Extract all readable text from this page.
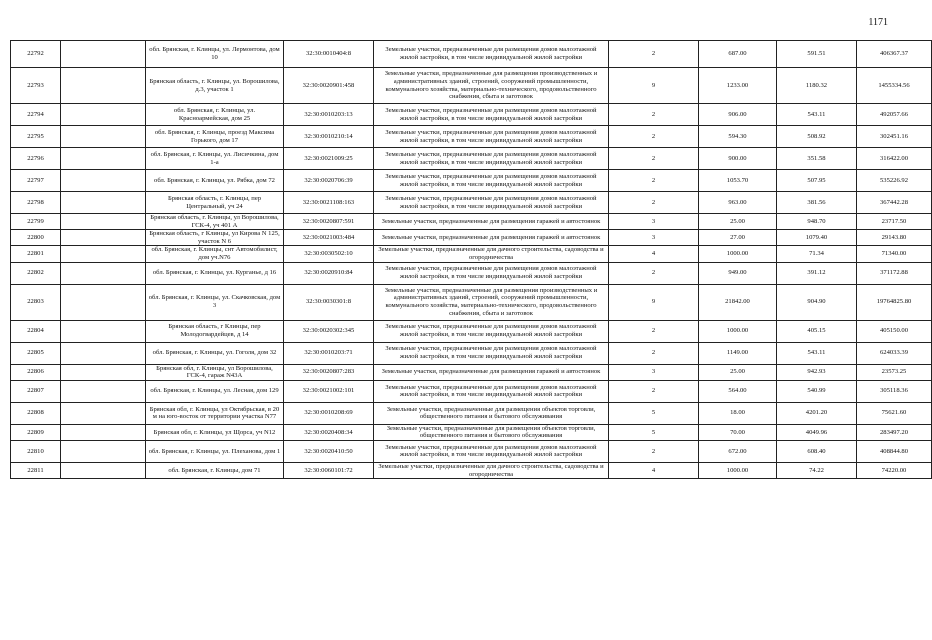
1171
22792		обл. Брянская, г. Клинцы, ул. Лермонтова, дом 10	32:30:0010404:8	Земельные участки, предназначенные для размещения домов малоэтажной жилой застройки, в том числе индивидуальной жилой застройки	2	687.00	591.51	406367.37
22793		Брянская область, г. Клинцы, ул. Ворошилова, д.3, участок 1	32:30:0020901:458	Земельные участки, предназначенные для размещения производственных и административных зданий, строений, сооружений промышленности, коммунального хозяйства, материально-технического, продовольственного снабжения, сбыта и заготовок	9	1233.00	1180.32	1455334.56
22794		обл. Брянская, г. Клинцы, ул. Красноармейская, дом 25	32:30:0010203:13	Земельные участки, предназначенные для размещения домов малоэтажной жилой застройки, в том числе индивидуальной жилой застройки	2	906.00	543.11	492057.66
22795		обл. Брянская, г. Клинцы, проезд Максима Горького, дом 17	32:30:0010210:14	Земельные участки, предназначенные для размещения домов малоэтажной жилой застройки, в том числе индивидуальной жилой застройки	2	594.30	508.92	302451.16
22796		обл. Брянская, г. Клинцы, ул. Лисичкина, дом 1-а	32:30:0021009:25	Земельные участки, предназначенные для размещения домов малоэтажной жилой застройки, в том числе индивидуальной жилой застройки	2	900.00	351.58	316422.00
22797		обл. Брянская, г. Клинцы, ул. Рябка, дом 72	32:30:0020706:39	Земельные участки, предназначенные для размещения домов малоэтажной жилой застройки, в том числе индивидуальной жилой застройки	2	1053.70	507.95	535226.92
22798		Брянская область, г. Клинцы, пер Центральный, уч 24	32:30:0021108:163	Земельные участки, предназначенные для размещения домов малоэтажной жилой застройки, в том числе индивидуальной жилой застройки	2	963.00	381.56	367442.28
22799		Брянская область, г. Клинцы, ул Ворошилова, ГСК-4, уч 401 А	32:30:0020807:591	Земельные участки, предназначенные для размещения гаражей и автостоянок	3	25.00	948.70	23717.50
22800		Брянская область, г Клинцы, ул Кирова N 125, участок N 6	32:30:0021003:484	Земельные участки, предназначенные для размещения гаражей и автостоянок	3	27.00	1079.40	29143.80
22801		обл. Брянская, г. Клинцы, снт Автомобилист, дом уч.N76	32:30:0030502:10	Земельные участки, предназначенные для дачного строительства, садоводства и огородничества	4	1000.00	71.34	71340.00
22802		обл. Брянская, г. Клинцы, ул. Курганье, д 16	32:30:0020910:84	Земельные участки, предназначенные для размещения домов малоэтажной жилой застройки, в том числе индивидуальной жилой застройки	2	949.00	391.12	371172.88
22803		обл. Брянская, г. Клинцы, ул. Скачковская, дом 3	32:30:0030301:8	Земельные участки, предназначенные для размещения производственных и административных зданий, строений, сооружений промышленности, коммунального хозяйства, материально-технического, продовольственного снабжения, сбыта и заготовок	9	21842.00	904.90	19764825.80
22804		Брянская область, г Клинцы, пер Молодогвардейцев, д 14	32:30:0020302:345	Земельные участки, предназначенные для размещения домов малоэтажной жилой застройки, в том числе индивидуальной жилой застройки	2	1000.00	405.15	405150.00
22805		обл. Брянская, г. Клинцы, ул. Гоголя, дом 32	32:30:0010203:71	Земельные участки, предназначенные для размещения домов малоэтажной жилой застройки, в том числе индивидуальной жилой застройки	2	1149.00	543.11	624033.39
22806		Брянская обл, г. Клинцы, ул Ворошилова, ГСК-4, гараж N43А	32:30:0020807:283	Земельные участки, предназначенные для размещения гаражей и автостоянок	3	25.00	942.93	23573.25
22807		обл. Брянская, г. Клинцы, ул. Лесная, дом 129	32:30:0021002:101	Земельные участки, предназначенные для размещения домов малоэтажной жилой застройки, в том числе индивидуальной жилой застройки	2	564.00	540.99	305118.36
22808		Брянская обл, г. Клинцы, ул Октябрьская, в 20 м на юго-восток от территории участка N77	32:30:0010208:69	Земельные участки, предназначенные для размещения объектов торговли, общественного питания и бытового обслуживания	5	18.00	4201.20	75621.60
22809		Брянская обл, г. Клинцы, ул Щорса, уч N12	32:30:0020408:34	Земельные участки, предназначенные для размещения объектов торговли, общественного питания и бытового обслуживания	5	70.00	4049.96	283497.20
22810		обл. Брянская, г. Клинцы, ул. Плеханова, дом 1	32:30:0020410:50	Земельные участки, предназначенные для размещения домов малоэтажной жилой застройки, в том числе индивидуальной жилой застройки	2	672.00	608.40	408844.80
22811		обл. Брянская, г. Клинцы, дом 71	32:30:0060101:72	Земельные участки, предназначенные для дачного строительства, садоводства и огородничества	4	1000.00	74.22	74220.00
